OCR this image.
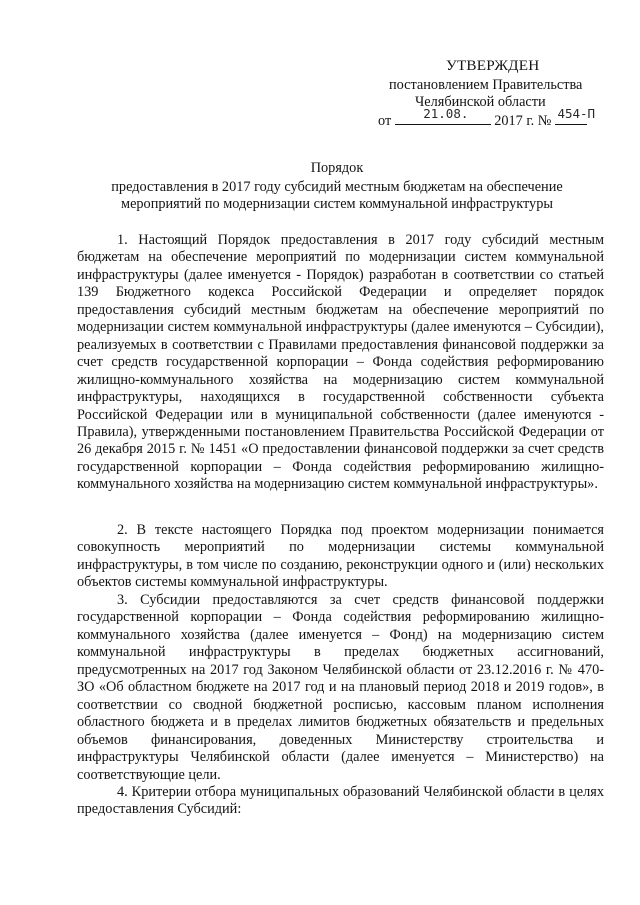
УТВЕРЖДЕН
постановлением Правительства
Челябинской области
от	21.08. 2017 г. № 454-П
Порядок
предоставления в 2017 году субсидий местным бюджетам на обеспечение
мероприятий по модернизации систем коммунальной инфраструктуры

1. Настоящий Порядок предоставления в 2017 году субсидий местным бюджетам на обеспечение мероприятий по модернизации систем коммунальной инфраструктуры (далее именуется - Порядок) разработан в соответствии со статьей 139 Бюджетного кодекса Российской Федерации и определяет порядок предоставления субсидий местным бюджетам на обеспечение мероприятий по модернизации систем коммунальной инфраструктуры (далее именуются – Субсидии), реализуемых в соответствии с Правилами предоставления финансовой поддержки за счет средств государственной корпорации – Фонда содействия реформированию жилищно-коммунального хозяйства на модернизацию систем коммунальной инфраструктуры, находящихся в государственной собственности субъекта Российской Федерации или в муниципальной собственности (далее именуются - Правила), утвержденными постановлением Правительства Российской Федерации от 26 декабря 2015 г. № 1451 «О предоставлении финансовой поддержки за счет средств государственной корпорации – Фонда содействия реформированию жилищно-коммунального хозяйства на модернизацию систем коммунальной инфраструктуры».

2. В тексте настоящего Порядка под проектом модернизации понимается совокупность мероприятий по модернизации системы коммунальной инфраструктуры, в том числе по созданию, реконструкции одного и (или) нескольких объектов системы коммунальной инфраструктуры.

3. Субсидии предоставляются за счет средств финансовой поддержки государственной корпорации – Фонда содействия реформированию жилищно-коммунального хозяйства (далее именуется – Фонд) на модернизацию систем коммунальной инфраструктуры в пределах бюджетных ассигнований, предусмотренных на 2017 год Законом Челябинской области от 23.12.2016 г. № 470-ЗО «Об областном бюджете на 2017 год и на плановый период 2018 и 2019 годов», в соответствии со сводной бюджетной росписью, кассовым планом исполнения областного бюджета и в пределах лимитов бюджетных обязательств и предельных объемов финансирования, доведенных Министерству строительства и инфраструктуры Челябинской области (далее именуется – Министерство) на соответствующие цели.

4. Критерии отбора муниципальных образований Челябинской области в целях предоставления Субсидий:
